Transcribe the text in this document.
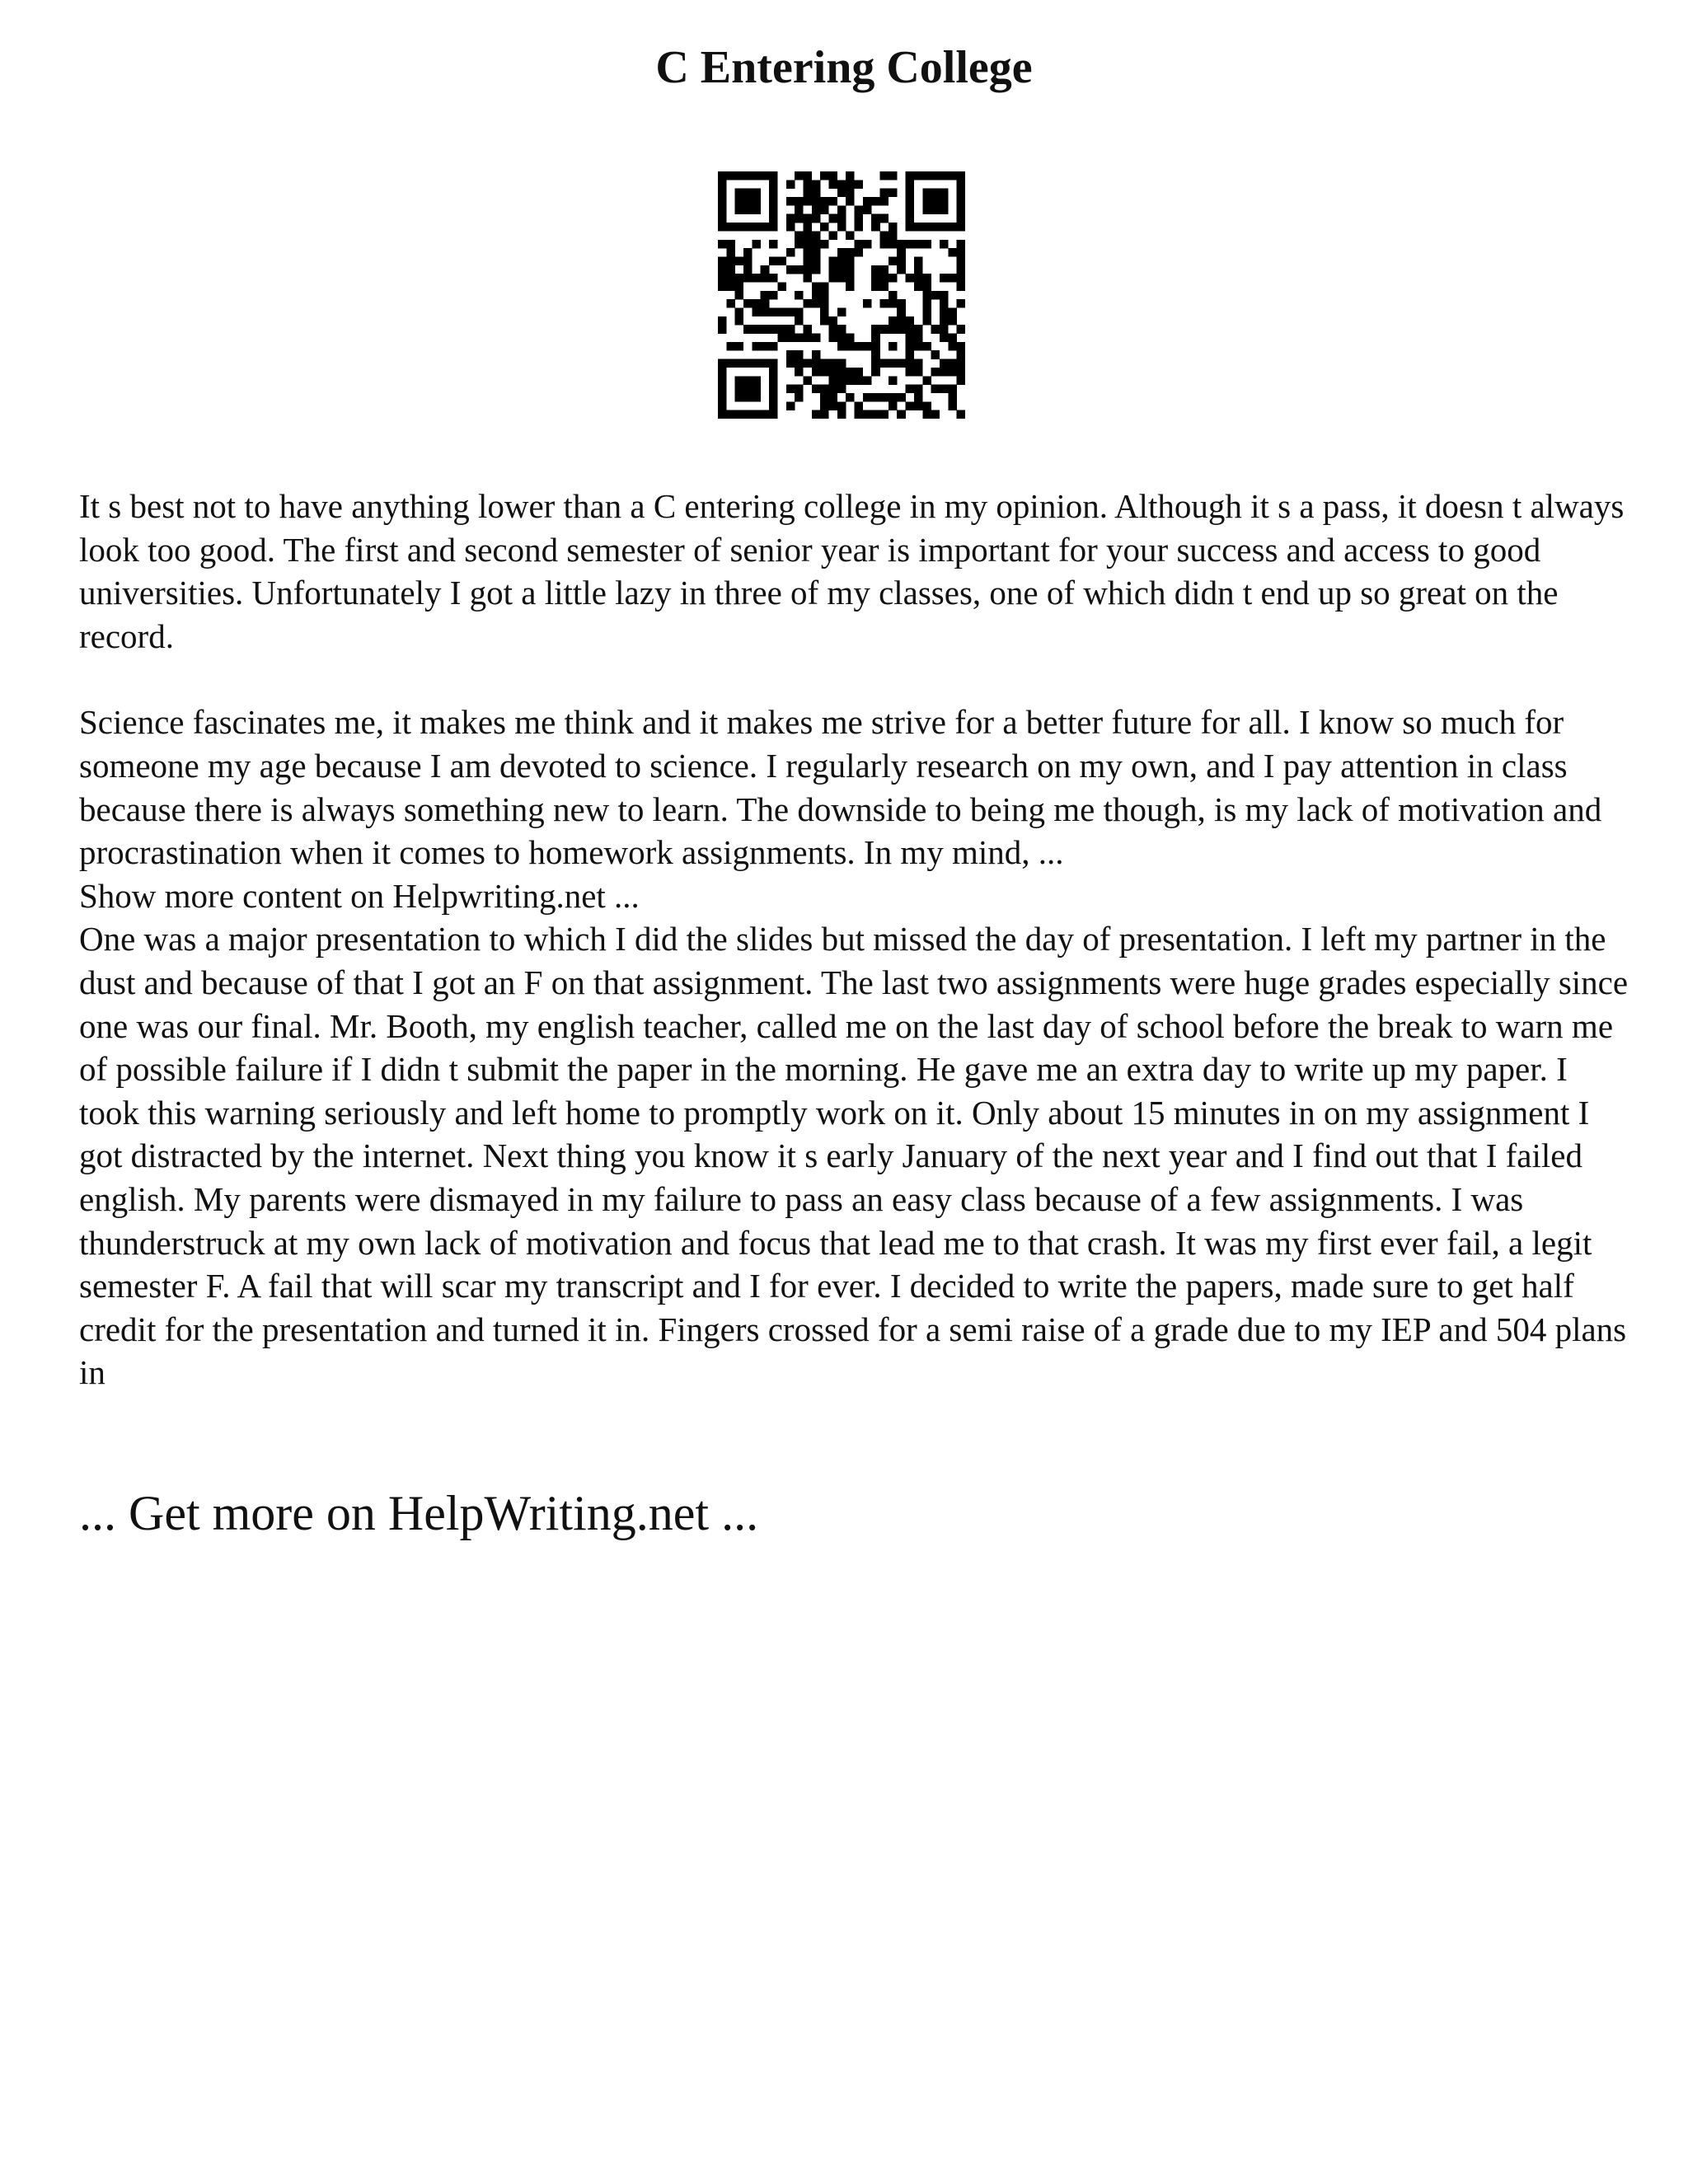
C Entering College

It s best not to have anything lower than a C entering college in my opinion. Although it s a pass, it doesn t always look too good. The first and second semester of senior year is important for your success and access to good universities. Unfortunately I got a little lazy in three of my classes, one of which didn t end up so great on the record.

Science fascinates me, it makes me think and it makes me strive for a better future for all. I know so much for someone my age because I am devoted to science. I regularly research on my own, and I pay attention in class because there is always something new to learn. The downside to being me though, is my lack of motivation and procrastination when it comes to homework assignments. In my mind, ...

Show more content on Helpwriting.net ...

One was a major presentation to which I did the slides but missed the day of presentation. I left my partner in the dust and because of that I got an F on that assignment. The last two assignments were huge grades especially since one was our final. Mr. Booth, my english teacher, called me on the last day of school before the break to warn me of possible failure if I didn t submit the paper in the morning. He gave me an extra day to write up my paper. I took this warning seriously and left home to promptly work on it. Only about 15 minutes in on my assignment I got distracted by the internet. Next thing you know it s early January of the next year and I find out that I failed english. My parents were dismayed in my failure to pass an easy class because of a few assignments. I was thunderstruck at my own lack of motivation and focus that lead me to that crash. It was my first ever fail, a legit semester F. A fail that will scar my transcript and I for ever. I decided to write the papers, made sure to get half credit for the presentation and turned it in. Fingers crossed for a semi raise of a grade due to my IEP and 504 plans in

... Get more on HelpWriting.net ...
